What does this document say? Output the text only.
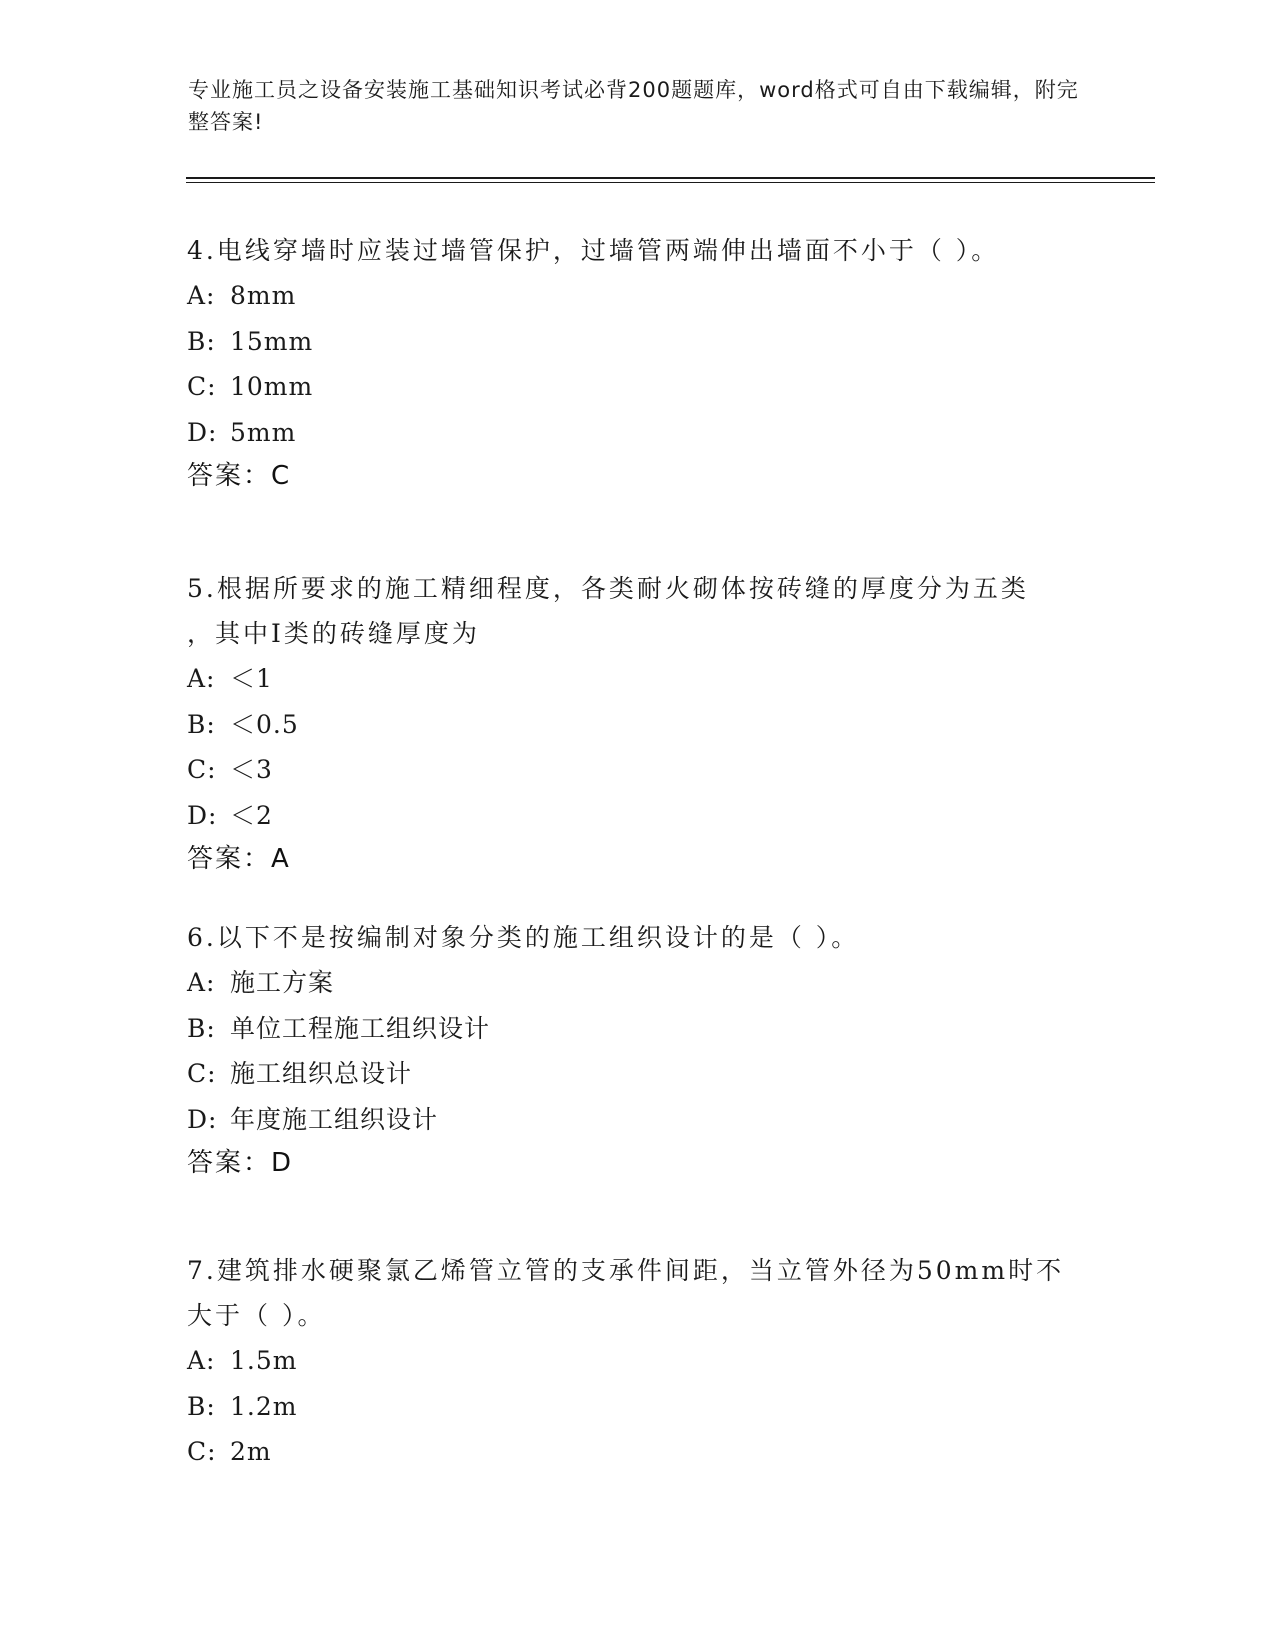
专业施工员之设备安装施工基础知识考试必背200题题库，word格式可自由下载编辑，附完整答案!
4.电线穿墙时应装过墙管保护，过墙管两端伸出墙面不小于（ ）。
A: 8mm
B: 15mm
C: 10mm
D: 5mm
答案：C
5.根据所要求的施工精细程度，各类耐火砌体按砖缝的厚度分为五类
，其中Ⅰ类的砖缝厚度为
A: ＜1
B: ＜0.5
C: ＜3
D: ＜2
答案：A
6.以下不是按编制对象分类的施工组织设计的是（ ）。
A: 施工方案
B: 单位工程施工组织设计
C: 施工组织总设计
D: 年度施工组织设计
答案：D
7.建筑排水硬聚氯乙烯管立管的支承件间距，当立管外径为50mm时不
大于（ ）。
A: 1.5m
B: 1.2m
C: 2m
